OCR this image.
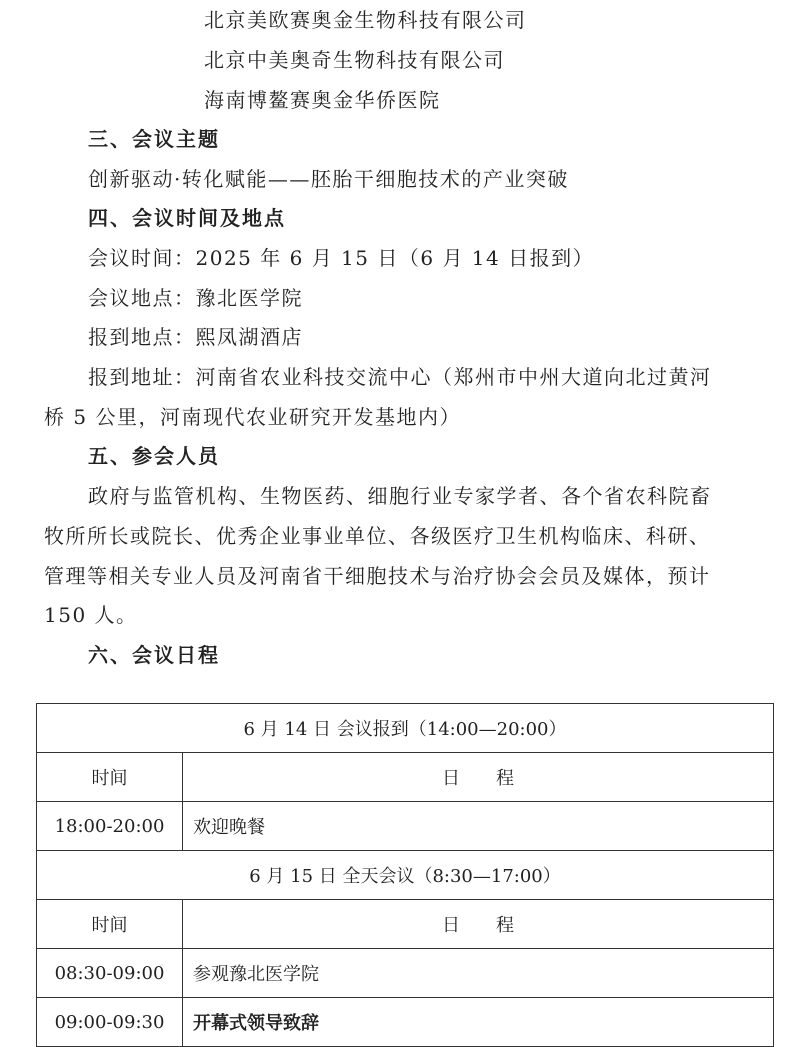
北京美欧赛奥金生物科技有限公司
北京中美奥奇生物科技有限公司
海南博鳌赛奥金华侨医院
三、会议主题
创新驱动·转化赋能——胚胎干细胞技术的产业突破
四、会议时间及地点
会议时间：2025 年 6 月 15 日（6 月 14 日报到）
会议地点：豫北医学院
报到地点：熙凤湖酒店
报到地址：河南省农业科技交流中心（郑州市中州大道向北过黄河
桥 5 公里，河南现代农业研究开发基地内）
五、参会人员
政府与监管机构、生物医药、细胞行业专家学者、各个省农科院畜
牧所所长或院长、优秀企业事业单位、各级医疗卫生机构临床、科研、
管理等相关专业人员及河南省干细胞技术与治疗协会会员及媒体，预计
150 人。
六、会议日程
6 月 14 日 会议报到（14:00—20:00）	
时间	日　　程
18:00-20:00	欢迎晚餐
6 月 15 日 全天会议（8:30—17:00）	
时间	日　　程
08:30-09:00	参观豫北医学院
09:00-09:30	开幕式领导致辞
